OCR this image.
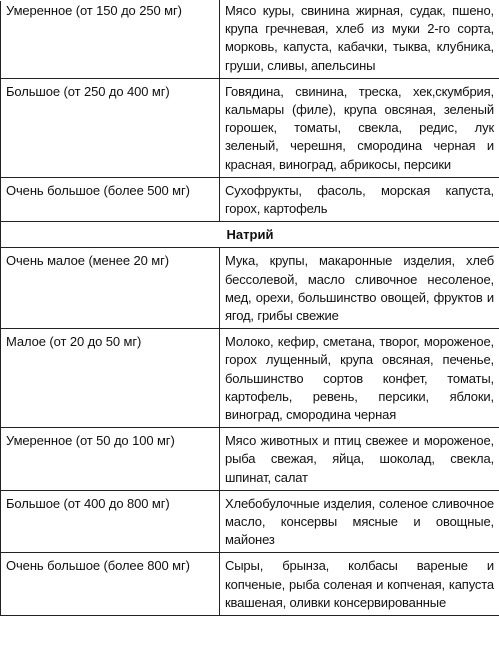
Умеренное (от 150 до 250 мг)	Мясо куры, свинина жирная, судак, пшено, крупа гречневая, хлеб из муки 2-го сорта, морковь, капуста, кабачки, тыква, клубника, груши, сливы, апельсины
Большое (от 250 до 400 мг)	Говядина, свинина, треска, хек,скумбрия, кальмары (филе), крупа овсяная, зеленый горошек, томаты, свекла, редис, лук зеленый, черешня, смородина черная и красная, виноград, абрикосы, персики
Очень большое (более 500 мг)	Сухофрукты, фасоль, морская капуста, горох, картофель
Натрий	
Очень малое (менее 20 мг)	Мука, крупы, макаронные изделия, хлеб бессолевой, масло сливочное несоленое, мед, орехи, большинство овощей, фруктов и ягод, грибы свежие
Малое (от 20 до 50 мг)	Молоко, кефир, сметана, творог, мороженое, горох лущенный, крупа овсяная, печенье, большинство сортов конфет, томаты, картофель, ревень, персики, яблоки, виноград, смородина черная
Умеренное (от 50 до 100 мг)	Мясо животных и птиц свежее и мороженое, рыба свежая, яйца, шоколад, свекла, шпинат, салат
Большое (от 400 до 800 мг)	Хлебобулочные изделия, соленое сливочное масло, консервы мясные и овощные, майонез
Очень большое (более 800 мг)	Сыры, брынза, колбасы вареные и копченые, рыба соленая и копченая, капуста квашеная, оливки консервированные
